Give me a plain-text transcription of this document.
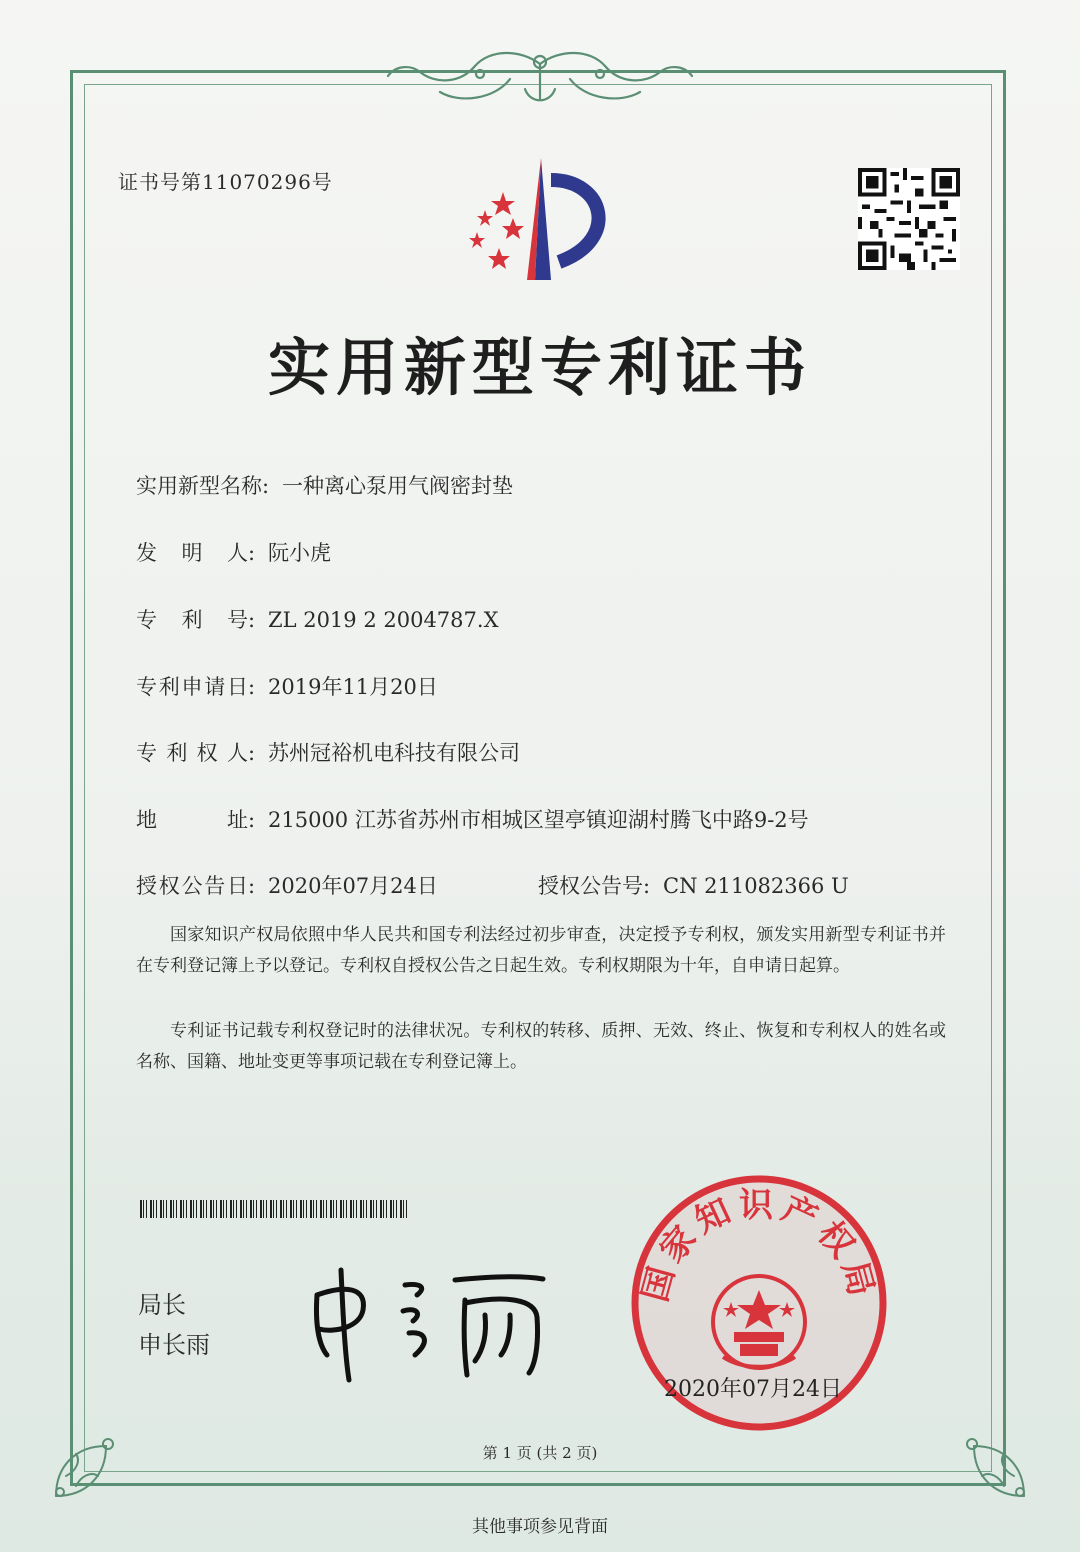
证书号第11070296号
实用新型专利证书
实用新型名称: 一种离心泵用气阀密封垫
发明人: 阮小虎
专利号: ZL 2019 2 2004787.X
专利申请日: 2019年11月20日
专利权人: 苏州冠裕机电科技有限公司
地址: 215000 江苏省苏州市相城区望亭镇迎湖村腾飞中路9-2号
授权公告日: 2020年07月24日	授权公告号: CN 211082366 U

国家知识产权局依照中华人民共和国专利法经过初步审查，决定授予专利权，颁发实用新型专利证书并在专利登记簿上予以登记。专利权自授权公告之日起生效。专利权期限为十年，自申请日起算。

专利证书记载专利权登记时的法律状况。专利权的转移、质押、无效、终止、恢复和专利权人的姓名或名称、国籍、地址变更等事项记载在专利登记簿上。

局长
申长雨
国家知识产权局
2020年07月24日
第 1 页 (共 2 页)
其他事项参见背面
